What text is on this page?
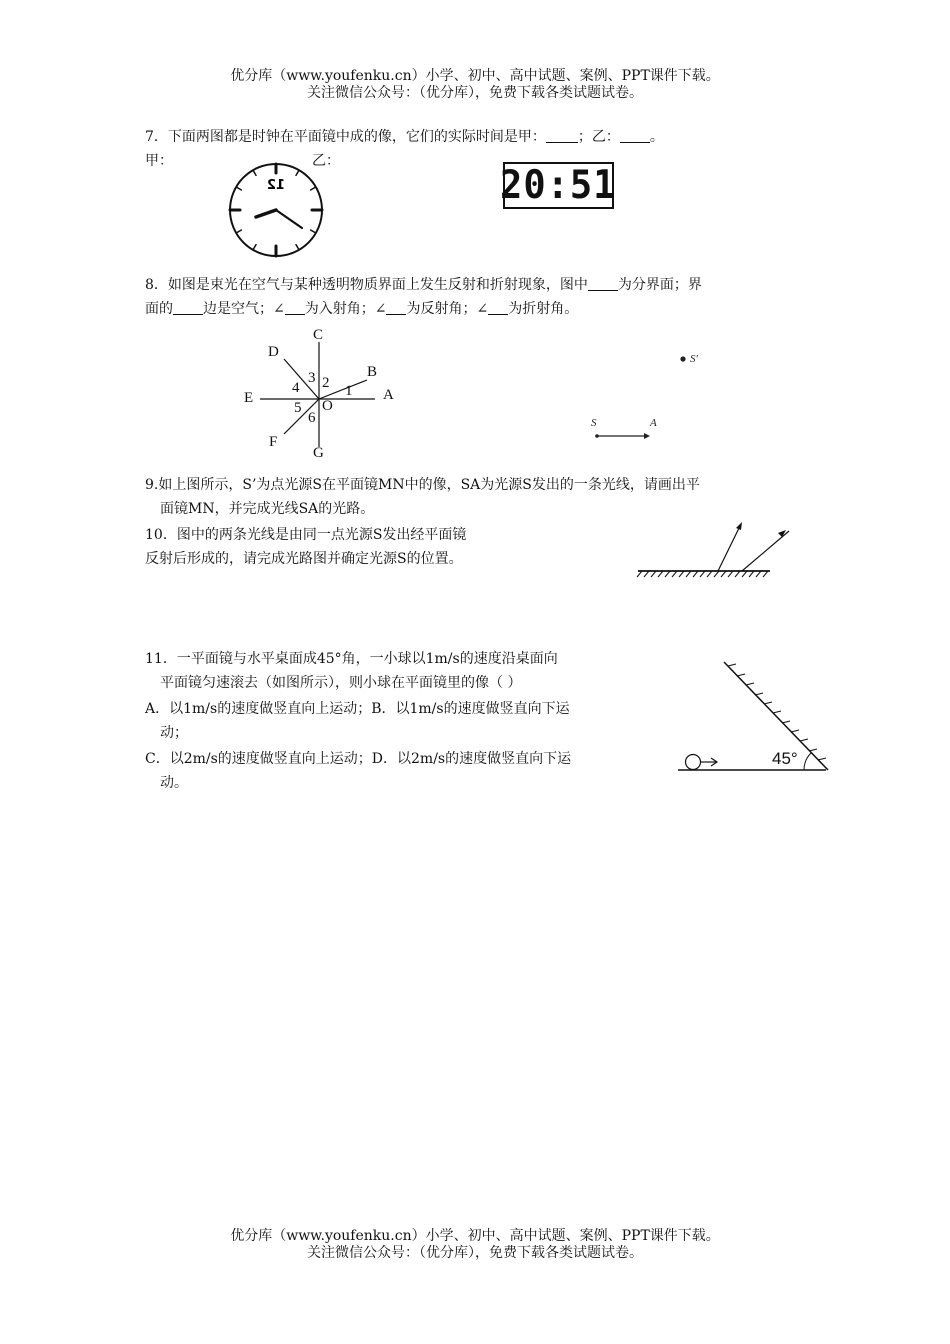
优分库（www.youfenku.cn）小学、初中、高中试题、案例、PPT课件下载。
关注微信公众号：（优分库），免费下载各类试题试卷。
7．下面两图都是时钟在平面镜中成的像，它们的实际时间是甲： ；乙： 。
甲：	乙：
12	20:51
8．如图是束光在空气与某种透明物质界面上发生反射和折射现象，图中 为分界面；界
面的 边是空气；∠ 为入射角；∠ 为反射角；∠ 为折射角。
C
D
B
A
E
F
G
O
1
2
3
4
5
6
S′
S	A
9.如上图所示，S’为点光源S在平面镜MN中的像，SA为光源S发出的一条光线，请画出平
面镜MN，并完成光线SA的光路。
10．图中的两条光线是由同一点光源S发出经平面镜
反射后形成的，请完成光路图并确定光源S的位置。
11．一平面镜与水平桌面成45°角，一小球以1m/s的速度沿桌面向
平面镜匀速滚去（如图所示），则小球在平面镜里的像（ ）
A．以1m/s的速度做竖直向上运动；B．以1m/s的速度做竖直向下运
动；
C．以2m/s的速度做竖直向上运动；D．以2m/s的速度做竖直向下运
动。
45°
优分库（www.youfenku.cn）小学、初中、高中试题、案例、PPT课件下载。
关注微信公众号：（优分库），免费下载各类试题试卷。
